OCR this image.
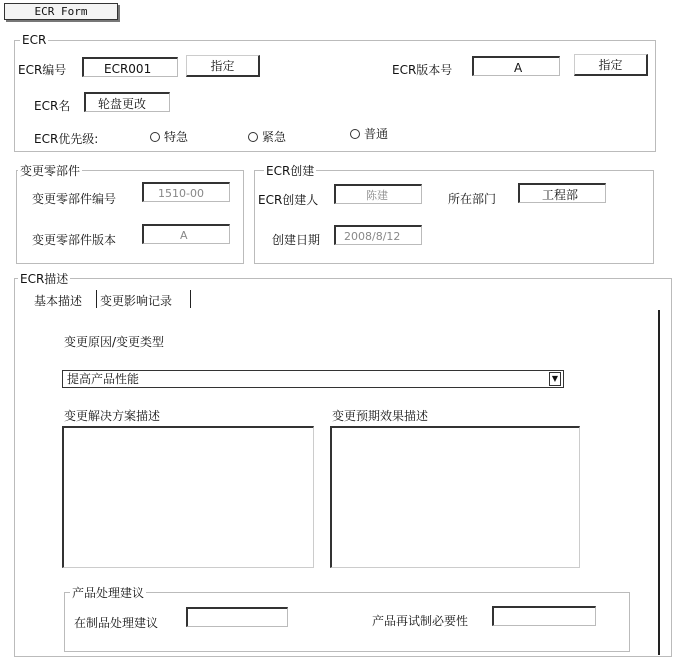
ECR Form
ECR
ECR编号	ECR001	指定	ECR版本号	A	指定
ECR名	轮盘更改
ECR优先级:	特急	紧急	普通
变更零部件
变更零部件编号	1510-00
变更零部件版本	A
ECR创建
ECR创建人	陈建	所在部门	工程部
创建日期	2008/8/12
ECR描述
基本描述 变更影响记录
变更原因/变更类型
提高产品性能	▼
变更解决方案描述	变更预期效果描述
产品处理建议
在制品处理建议	产品再试制必要性
